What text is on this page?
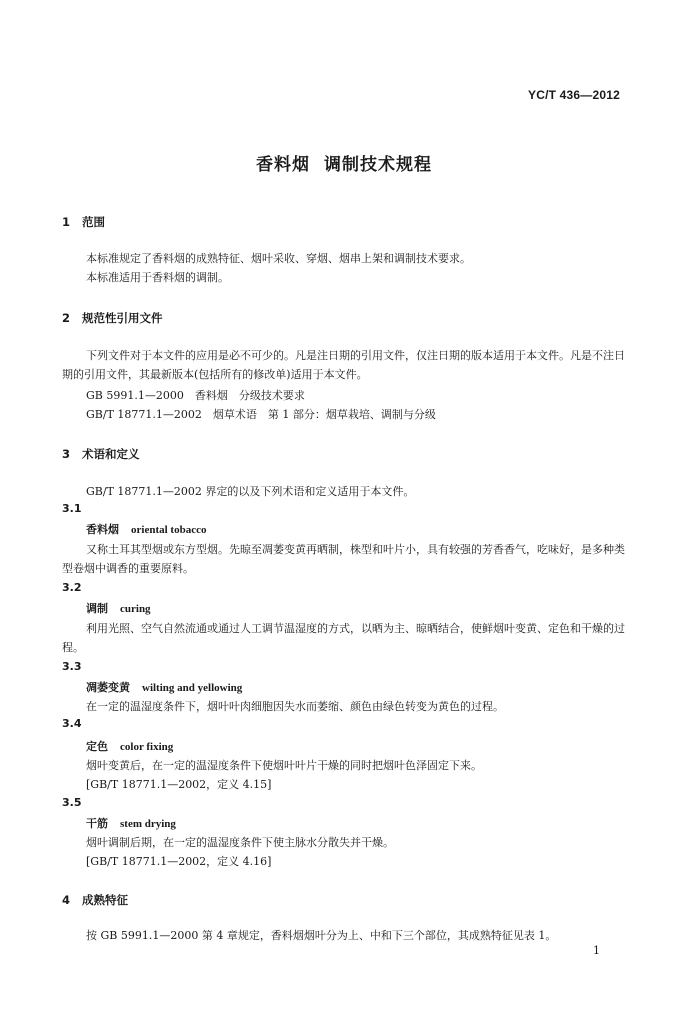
YC/T 436—2012
香料烟 调制技术规程
1 范围
本标准规定了香料烟的成熟特征、烟叶采收、穿烟、烟串上架和调制技术要求。
本标准适用于香料烟的调制。
2 规范性引用文件
下列文件对于本文件的应用是必不可少的。凡是注日期的引用文件，仅注日期的版本适用于本文件。凡是不注日期的引用文件，其最新版本(包括所有的修改单)适用于本文件。
GB 5991.1—2000　香料烟　分级技术要求
GB/T 18771.1—2002　烟草术语　第 1 部分：烟草栽培、调制与分级
3 术语和定义
GB/T 18771.1—2002 界定的以及下列术语和定义适用于本文件。
3.1
香料烟 oriental tobacco
又称土耳其型烟或东方型烟。先晾至凋萎变黄再晒制，株型和叶片小，具有较强的芳香香气，吃味好，是多种类型卷烟中调香的重要原料。
3.2
调制 curing
利用光照、空气自然流通或通过人工调节温湿度的方式，以晒为主、晾晒结合，使鲜烟叶变黄、定色和干燥的过程。
3.3
凋萎变黄 wilting and yellowing
在一定的温湿度条件下，烟叶叶肉细胞因失水而萎缩、颜色由绿色转变为黄色的过程。
3.4
定色 color fixing
烟叶变黄后，在一定的温湿度条件下使烟叶叶片干燥的同时把烟叶色泽固定下来。
[GB/T 18771.1—2002，定义 4.15]
3.5
干筋 stem drying
烟叶调制后期，在一定的温湿度条件下使主脉水分散失并干燥。
[GB/T 18771.1—2002，定义 4.16]
4 成熟特征
按 GB 5991.1—2000 第 4 章规定，香料烟烟叶分为上、中和下三个部位，其成熟特征见表 1。
1
